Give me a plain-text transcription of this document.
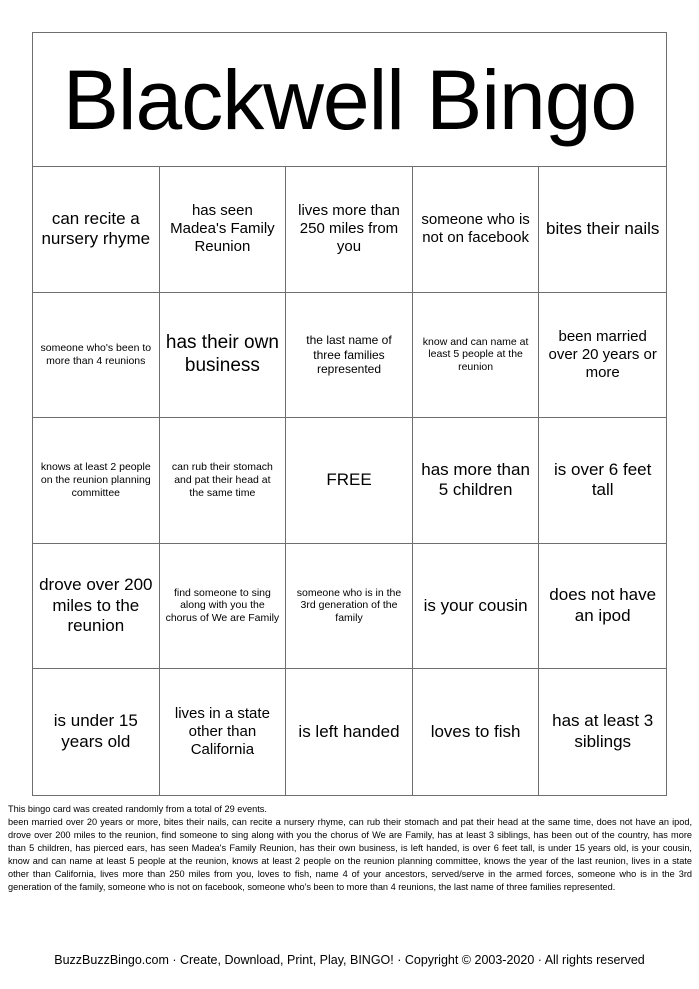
Blackwell Bingo
can recite a nursery rhyme
has seen Madea's Family Reunion
lives more than 250 miles from you
someone who is not on facebook bites their nails
someone who's been to more than 4 reunions
has their own business
the last name of three families represented
know and can name at least 5 people at the reunion
been married over 20 years or more
knows at least 2 people on the reunion planning committee
can rub their stomach and pat their head at the same time
FREE
has more than 5 children
is over 6 feet tall
drove over 200 miles to the reunion
find someone to sing along with you the chorus of We are Family
someone who is in the 3rd generation of the family
is your cousin
does not have an ipod
is under 15 years old
lives in a state other than California
is left handed	loves to fish
has at least 3 siblings
This bingo card was created randomly from a total of 29 events.
been married over 20 years or more, bites their nails, can recite a nursery rhyme, can rub their stomach and pat their head at the same time, does not have an ipod, drove over 200 miles to the reunion, find someone to sing along with you the chorus of We are Family, has at least 3 siblings, has been out of the country, has more than 5 children, has pierced ears, has seen Madea's Family Reunion, has their own business, is left handed, is over 6 feet tall, is under 15 years old, is your cousin, know and can name at least 5 people at the reunion, knows at least 2 people on the reunion planning committee, knows the year of the last reunion, lives in a state other than California, lives more than 250 miles from you, loves to fish, name 4 of your ancestors, served/serve in the armed forces, someone who is in the 3rd generation of the family, someone who is not on facebook, someone who's been to more than 4 reunions, the last name of three families represented.
BuzzBuzzBingo.com · Create, Download, Print, Play, BINGO! · Copyright © 2003-2020 · All rights reserved
